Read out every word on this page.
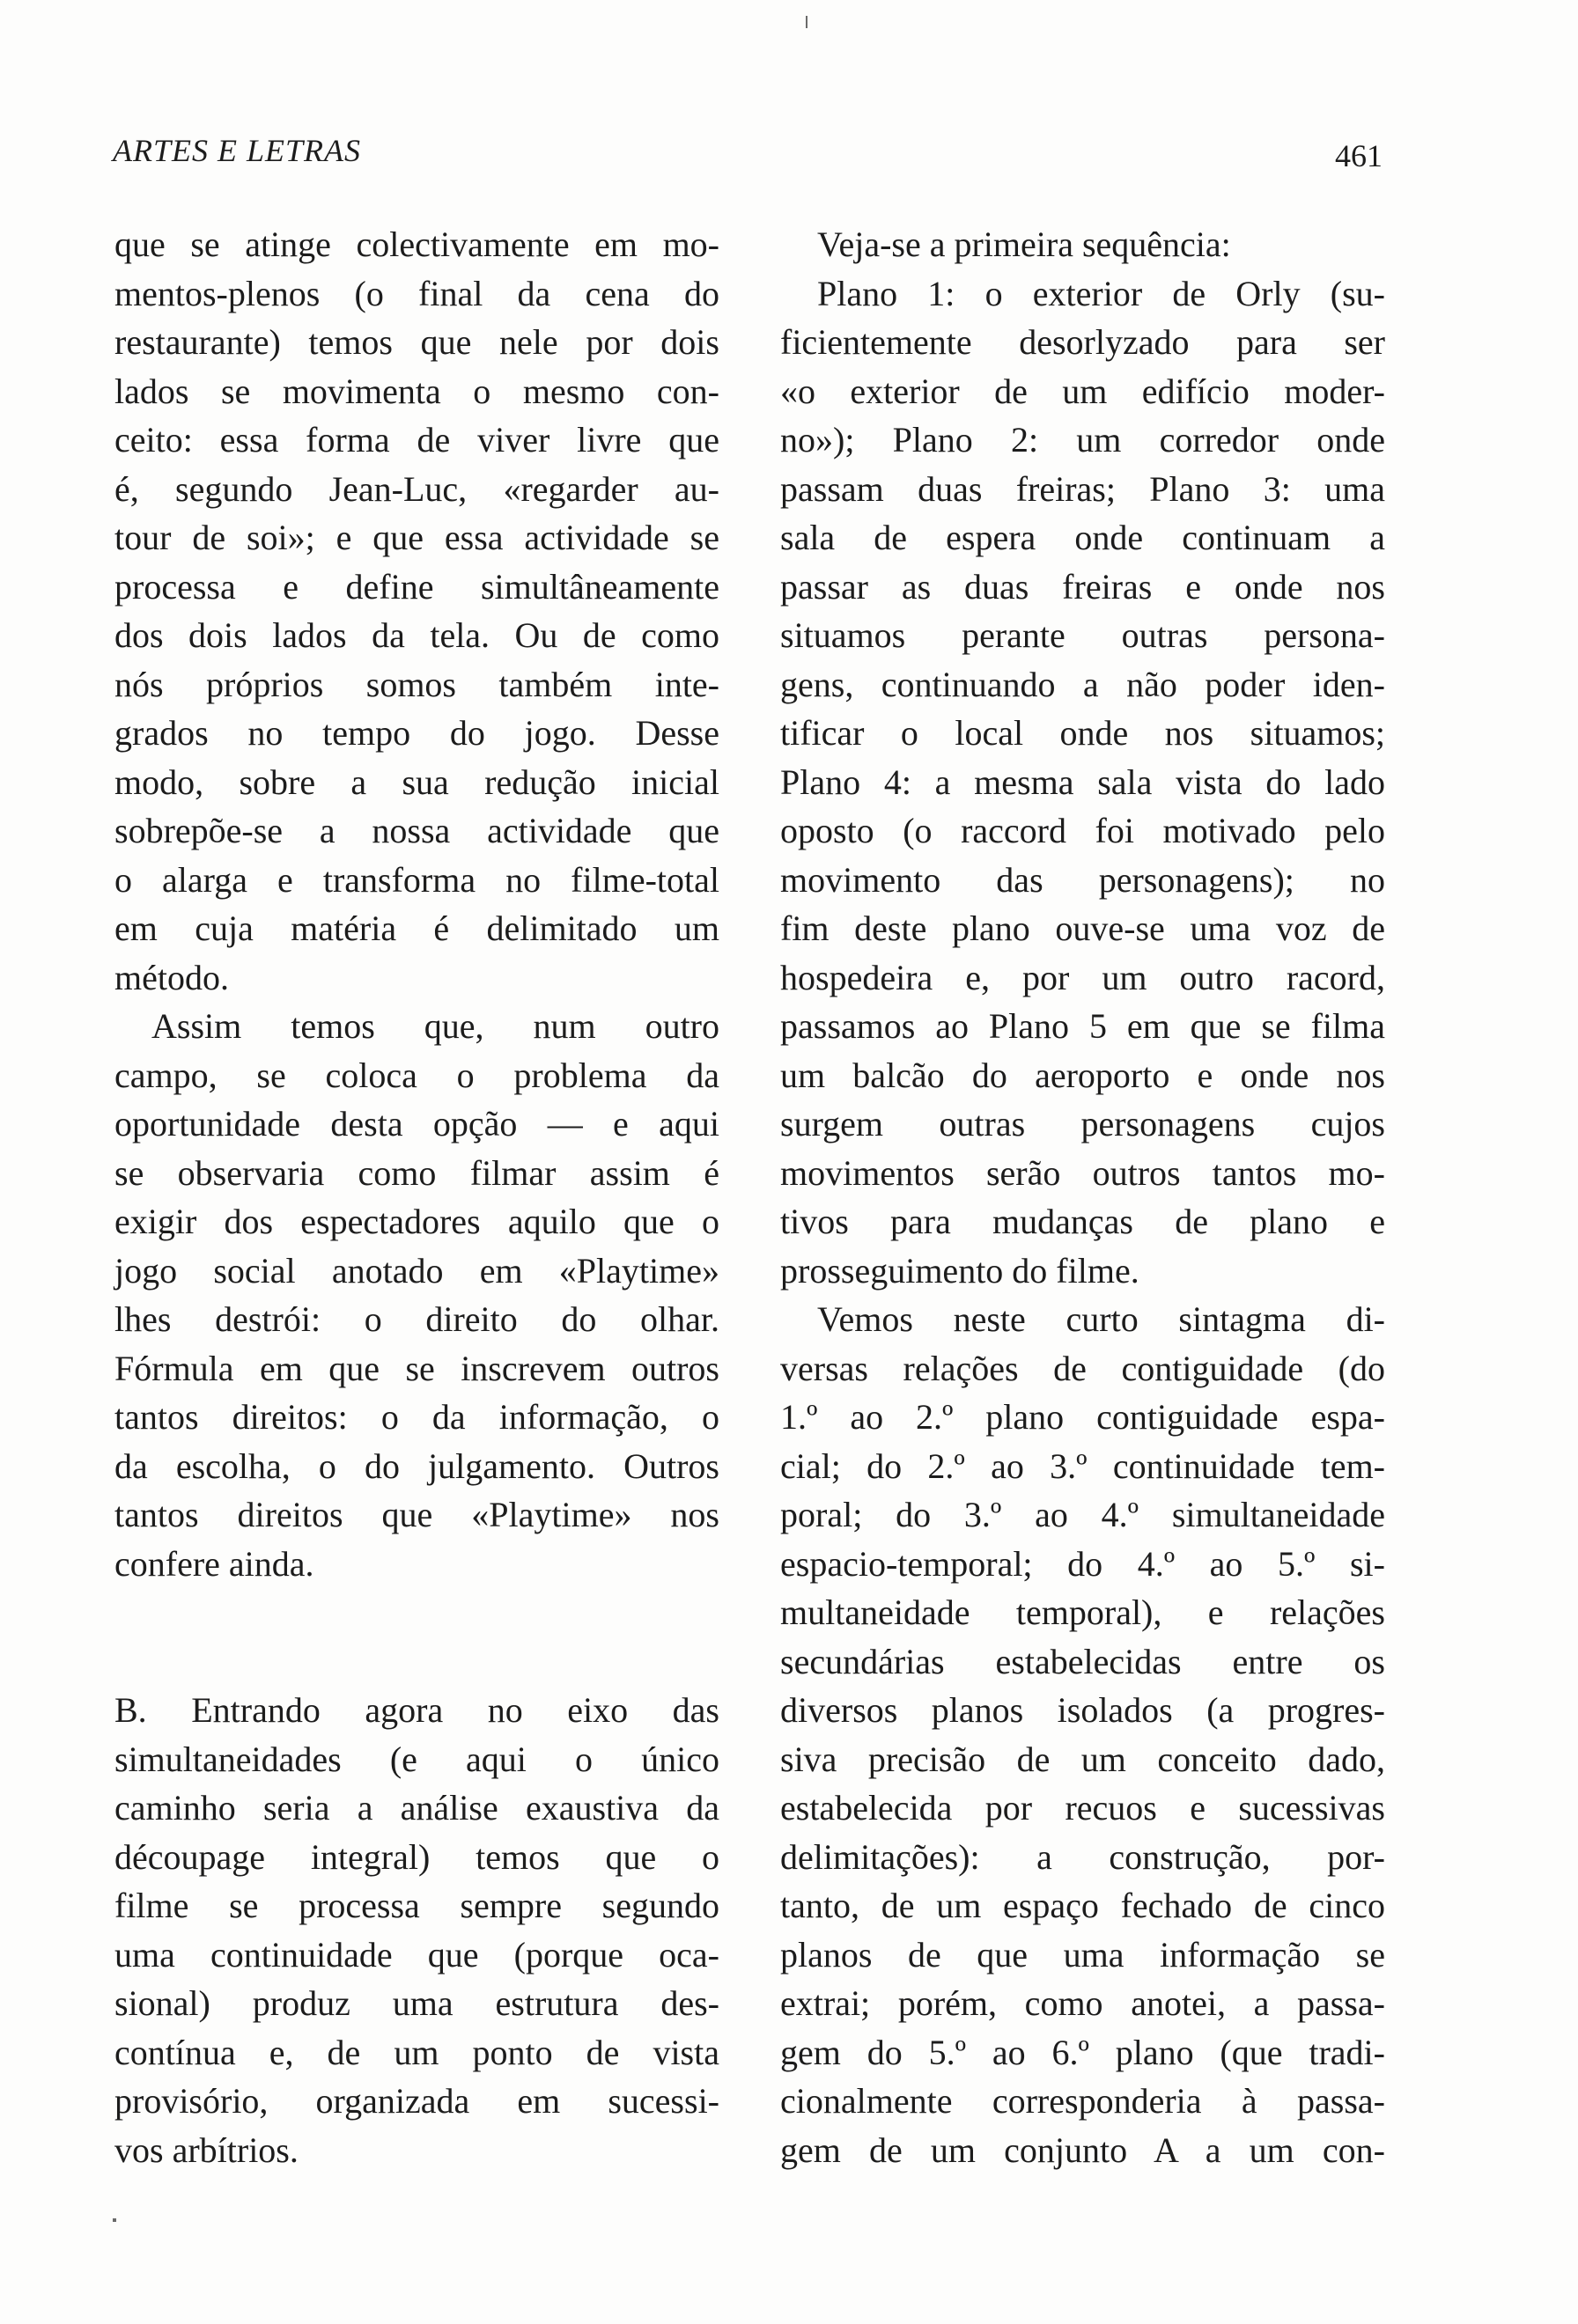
ARTES E LETRAS	461
que se atinge colectivamente em mo-
mentos-plenos (o final da cena do
restaurante) temos que nele por dois
lados se movimenta o mesmo con-
ceito: essa forma de viver livre que
é, segundo Jean-Luc, «regarder au-
tour de soi»; e que essa actividade se
processa e define simultâneamente
dos dois lados da tela. Ou de como
nós próprios somos também inte-
grados no tempo do jogo. Desse
modo, sobre a sua redução inicial
sobrepõe-se a nossa actividade que
o alarga e transforma no filme-total
em cuja matéria é delimitado um
método.
Assim temos que, num outro
campo, se coloca o problema da
oportunidade desta opção — e aqui
se observaria como filmar assim é
exigir dos espectadores aquilo que o
jogo social anotado em «Playtime»
lhes destrói: o direito do olhar.
Fórmula em que se inscrevem outros
tantos direitos: o da informação, o
da escolha, o do julgamento. Outros
tantos direitos que «Playtime» nos
confere ainda.
B. Entrando agora no eixo das
simultaneidades (e aqui o único
caminho seria a análise exaustiva da
découpage integral) temos que o
filme se processa sempre segundo
uma continuidade que (porque oca-
sional) produz uma estrutura des-
contínua e, de um ponto de vista
provisório, organizada em sucessi-
vos arbítrios.
Veja-se a primeira sequência:
Plano 1: o exterior de Orly (su-
ficientemente desorlyzado para ser
«o exterior de um edifício moder-
no»); Plano 2: um corredor onde
passam duas freiras; Plano 3: uma
sala de espera onde continuam a
passar as duas freiras e onde nos
situamos perante outras persona-
gens, continuando a não poder iden-
tificar o local onde nos situamos;
Plano 4: a mesma sala vista do lado
oposto (o raccord foi motivado pelo
movimento das personagens); no
fim deste plano ouve-se uma voz de
hospedeira e, por um outro racord,
passamos ao Plano 5 em que se filma
um balcão do aeroporto e onde nos
surgem outras personagens cujos
movimentos serão outros tantos mo-
tivos para mudanças de plano e
prosseguimento do filme.
Vemos neste curto sintagma di-
versas relações de contiguidade (do
1.º ao 2.º plano contiguidade espa-
cial; do 2.º ao 3.º continuidade tem-
poral; do 3.º ao 4.º simultaneidade
espacio-temporal; do 4.º ao 5.º si-
multaneidade temporal), e relações
secundárias estabelecidas entre os
diversos planos isolados (a progres-
siva precisão de um conceito dado,
estabelecida por recuos e sucessivas
delimitações): a construção, por-
tanto, de um espaço fechado de cinco
planos de que uma informação se
extrai; porém, como anotei, a passa-
gem do 5.º ao 6.º plano (que tradi-
cionalmente corresponderia à passa-
gem de um conjunto A a um con-
